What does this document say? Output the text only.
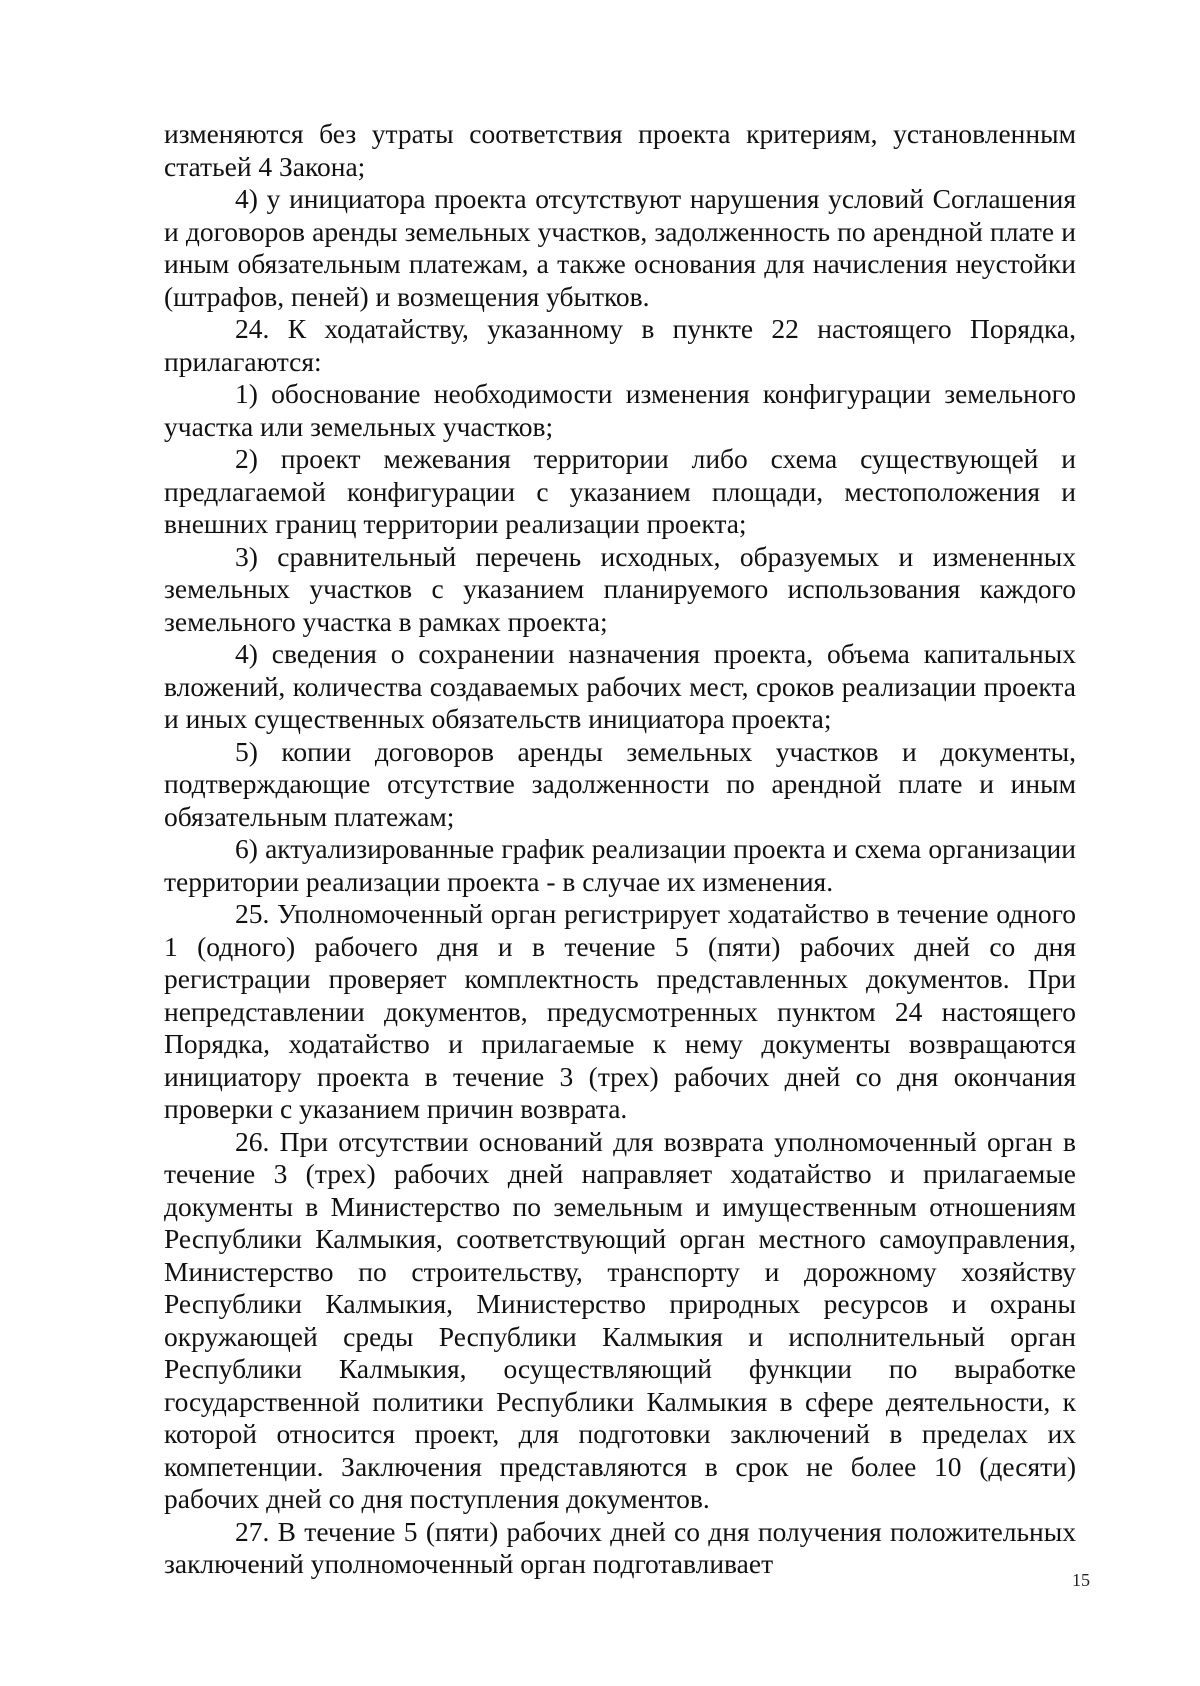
изменяются без утраты соответствия проекта критериям, установленным статьей 4 Закона;

4) у инициатора проекта отсутствуют нарушения условий Соглашения и договоров аренды земельных участков, задолженность по арендной плате и иным обязательным платежам, а также основания для начисления неустойки (штрафов, пеней) и возмещения убытков.

24. К ходатайству, указанному в пункте 22 настоящего Порядка, прилагаются:

1) обоснование необходимости изменения конфигурации земельного участка или земельных участков;

2) проект межевания территории либо схема существующей и предлагаемой конфигурации с указанием площади, местоположения и внешних границ территории реализации проекта;

3) сравнительный перечень исходных, образуемых и измененных земельных участков с указанием планируемого использования каждого земельного участка в рамках проекта;

4) сведения о сохранении назначения проекта, объема капитальных вложений, количества создаваемых рабочих мест, сроков реализации проекта и иных существенных обязательств инициатора проекта;

5) копии договоров аренды земельных участков и документы, подтверждающие отсутствие задолженности по арендной плате и иным обязательным платежам;

6) актуализированные график реализации проекта и схема организации территории реализации проекта - в случае их изменения.

25. Уполномоченный орган регистрирует ходатайство в течение одного 1 (одного) рабочего дня и в течение 5 (пяти) рабочих дней со дня регистрации проверяет комплектность представленных документов. При непредставлении документов, предусмотренных пунктом 24 настоящего Порядка, ходатайство и прилагаемые к нему документы возвращаются инициатору проекта в течение 3 (трех) рабочих дней со дня окончания проверки с указанием причин возврата.

26. При отсутствии оснований для возврата уполномоченный орган в течение 3 (трех) рабочих дней направляет ходатайство и прилагаемые документы в Министерство по земельным и имущественным отношениям Республики Калмыкия, соответствующий орган местного самоуправления, Министерство по строительству, транспорту и дорожному хозяйству Республики Калмыкия, Министерство природных ресурсов и охраны окружающей среды Республики Калмыкия и исполнительный орган Республики Калмыкия, осуществляющий функции по выработке государственной политики Республики Калмыкия в сфере деятельности, к которой относится проект, для подготовки заключений в пределах их компетенции. Заключения представляются в срок не более 10 (десяти) рабочих дней со дня поступления документов.

27. В течение 5 (пяти) рабочих дней со дня получения положительных заключений уполномоченный орган подготавливает

15
